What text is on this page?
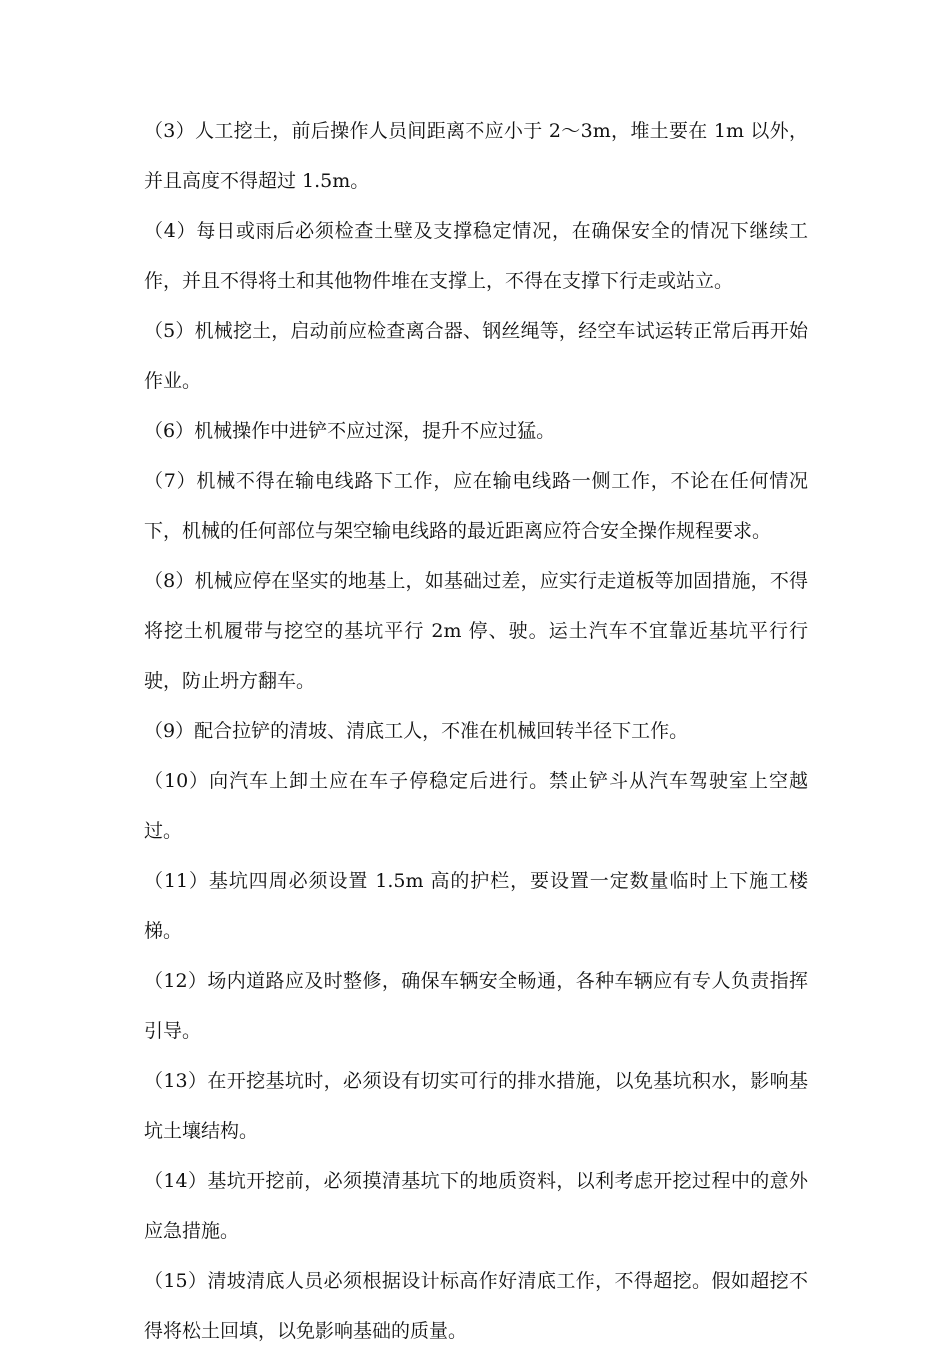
（3）人工挖土，前后操作人员间距离不应小于 2～3m，堆土要在 1m 以外，并且高度不得超过 1.5m。

（4）每日或雨后必须检查土壁及支撑稳定情况，在确保安全的情况下继续工作，并且不得将土和其他物件堆在支撑上，不得在支撑下行走或站立。

（5）机械挖土，启动前应检查离合器、钢丝绳等，经空车试运转正常后再开始作业。

（6）机械操作中进铲不应过深，提升不应过猛。

（7）机械不得在输电线路下工作，应在输电线路一侧工作，不论在任何情况下，机械的任何部位与架空输电线路的最近距离应符合安全操作规程要求。

（8）机械应停在坚实的地基上，如基础过差，应实行走道板等加固措施，不得将挖土机履带与挖空的基坑平行 2m 停、驶。运土汽车不宜靠近基坑平行行驶，防止坍方翻车。

（9）配合拉铲的清坡、清底工人，不准在机械回转半径下工作。

（10）向汽车上卸土应在车子停稳定后进行。禁止铲斗从汽车驾驶室上空越过。

（11）基坑四周必须设置 1.5m 高的护栏，要设置一定数量临时上下施工楼梯。

（12）场内道路应及时整修，确保车辆安全畅通，各种车辆应有专人负责指挥引导。

（13）在开挖基坑时，必须设有切实可行的排水措施，以免基坑积水，影响基坑土壤结构。

（14）基坑开挖前，必须摸清基坑下的地质资料，以利考虑开挖过程中的意外应急措施。

（15）清坡清底人员必须根据设计标高作好清底工作，不得超挖。假如超挖不得将松土回填，以免影响基础的质量。
